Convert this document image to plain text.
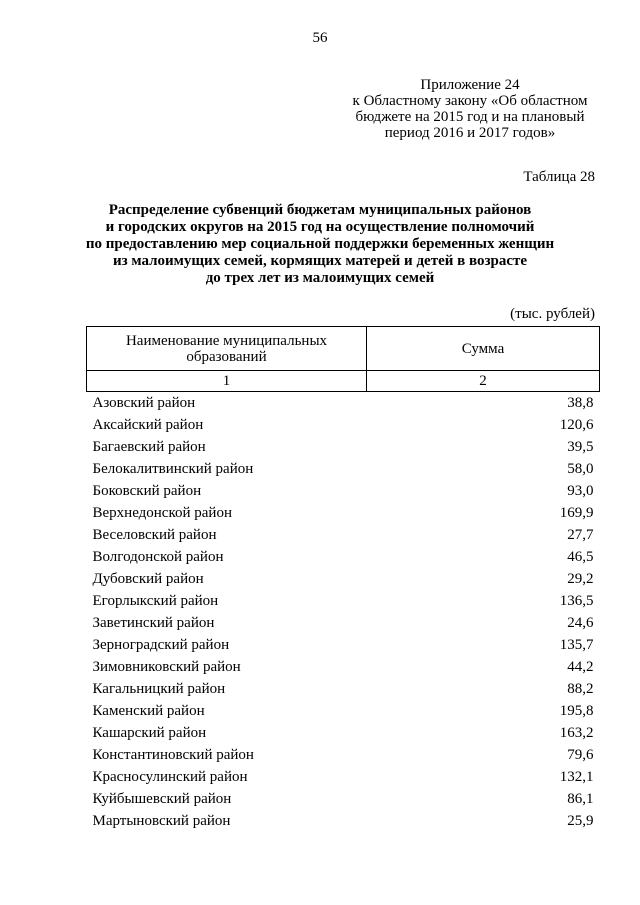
56
Приложение 24
к Областному закону «Об областном
бюджете на 2015 год и на плановый
период 2016 и 2017 годов»
Таблица 28
Распределение субвенций бюджетам муниципальных районов
и городских округов на 2015 год на осуществление полномочий
по предоставлению мер социальной поддержки беременных женщин
из малоимущих семей, кормящих матерей и детей в возрасте
до трех лет из малоимущих семей
(тыс. рублей)
Наименование муниципальных
образований	Сумма
1	2
Азовский район	38,8
Аксайский район	120,6
Багаевский район	39,5
Белокалитвинский район	58,0
Боковский район	93,0
Верхнедонской район	169,9
Веселовский район	27,7
Волгодонской район	46,5
Дубовский район	29,2
Егорлыкский район	136,5
Заветинский район	24,6
Зерноградский район	135,7
Зимовниковский район	44,2
Кагальницкий район	88,2
Каменский район	195,8
Кашарский район	163,2
Константиновский район	79,6
Красносулинский район	132,1
Куйбышевский район	86,1
Мартыновский район	25,9
